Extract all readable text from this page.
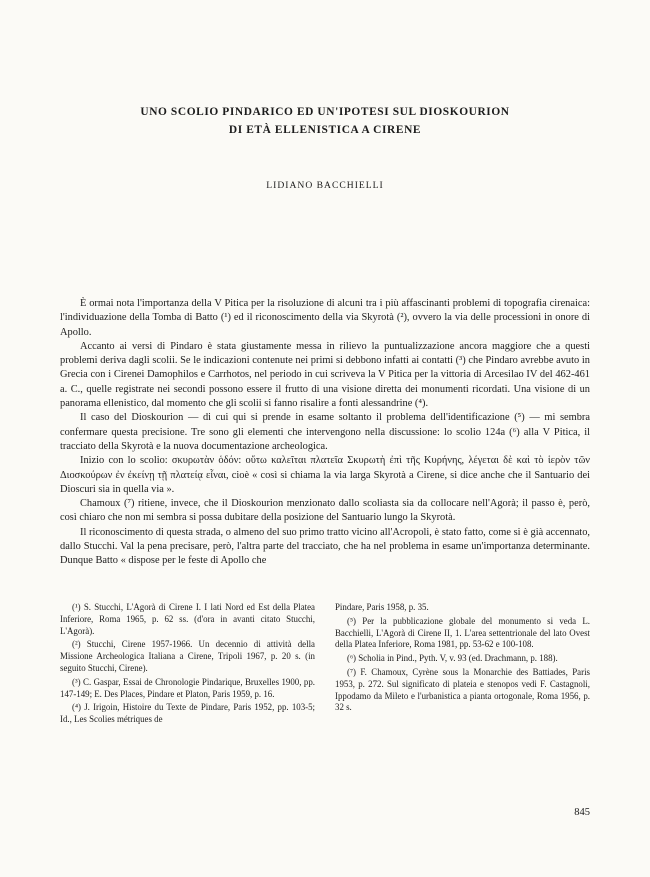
UNO SCOLIO PINDARICO ED UN'IPOTESI SUL DIOSKOURION
DI ETÀ ELLENISTICA A CIRENE
LIDIANO BACCHIELLI

È ormai nota l'importanza della V Pitica per la risoluzione di alcuni tra i più affascinanti problemi di topografia cirenaica: l'individuazione della Tomba di Batto (¹) ed il riconoscimento della via Skyrotà (²), ovvero la via delle processioni in onore di Apollo.

Accanto ai versi di Pindaro è stata giustamente messa in rilievo la puntualizzazione ancora maggiore che a questi problemi deriva dagli scolii. Se le indicazioni contenute nei primi si debbono infatti ai contatti (³) che Pindaro avrebbe avuto in Grecia con i Cirenei Damophilos e Carrhotos, nel periodo in cui scriveva la V Pitica per la vittoria di Arcesilao IV del 462-461 a. C., quelle registrate nei secondi possono essere il frutto di una visione diretta dei monumenti ricordati. Una visione di un panorama ellenistico, dal momento che gli scolii si fanno risalire a fonti alessandrine (⁴).

Il caso del Dioskourion — di cui qui si prende in esame soltanto il problema dell'identificazione (⁵) — mi sembra confermare questa precisione. Tre sono gli elementi che intervengono nella discussione: lo scolio 124a (⁶) alla V Pitica, il tracciato della Skyrotà e la nuova documentazione archeologica.

Inizio con lo scolio: σκυρωτὰν ὁδόν: οὕτω καλεῖται πλατεῖα Σκυρωτὴ ἐπὶ τῆς Κυρήνης, λέγεται δὲ καὶ τὸ ἱερὸν τῶν Διοσκούρων ἐν ἐκείνῃ τῇ πλατείᾳ εἶναι, cioè « così si chiama la via larga Skyrotà a Cirene, si dice anche che il Santuario dei Dioscuri sia in quella via ».

Chamoux (⁷) ritiene, invece, che il Dioskourion menzionato dallo scoliasta sia da collocare nell'Agorà; il passo è, però, così chiaro che non mi sembra si possa dubitare della posizione del Santuario lungo la Skyrotà.

Il riconoscimento di questa strada, o almeno del suo primo tratto vicino all'Acropoli, è stato fatto, come si è già accennato, dallo Stucchi. Val la pena precisare, però, l'altra parte del tracciato, che ha nel problema in esame un'importanza determinante. Dunque Batto « dispose per le feste di Apollo che

(¹) S. Stucchi, L'Agorà di Cirene I. I lati Nord ed Est della Platea Inferiore, Roma 1965, p. 62 ss. (d'ora in avanti citato Stucchi, L'Agorà).

(²) Stucchi, Cirene 1957-1966. Un decennio di attività della Missione Archeologica Italiana a Cirene, Tripoli 1967, p. 20 s. (in seguito Stucchi, Cirene).

(³) C. Gaspar, Essai de Chronologie Pindarique, Bruxelles 1900, pp. 147-149; E. Des Places, Pindare et Platon, Paris 1959, p. 16.

(⁴) J. Irigoin, Histoire du Texte de Pindare, Paris 1952, pp. 103-5; Id., Les Scolies métriques de

Pindare, Paris 1958, p. 35.

(⁵) Per la pubblicazione globale del monumento si veda L. Bacchielli, L'Agorà di Cirene II, 1. L'area settentrionale del lato Ovest della Platea Inferiore, Roma 1981, pp. 53-62 e 100-108.

(⁶) Scholia in Pind., Pyth. V, v. 93 (ed. Drachmann, p. 188).

(⁷) F. Chamoux, Cyrène sous la Monarchie des Battiades, Paris 1953, p. 272. Sul significato di plateia e stenopos vedi F. Castagnoli, Ippodamo da Mileto e l'urbanistica a pianta ortogonale, Roma 1956, p. 32 s.

845
